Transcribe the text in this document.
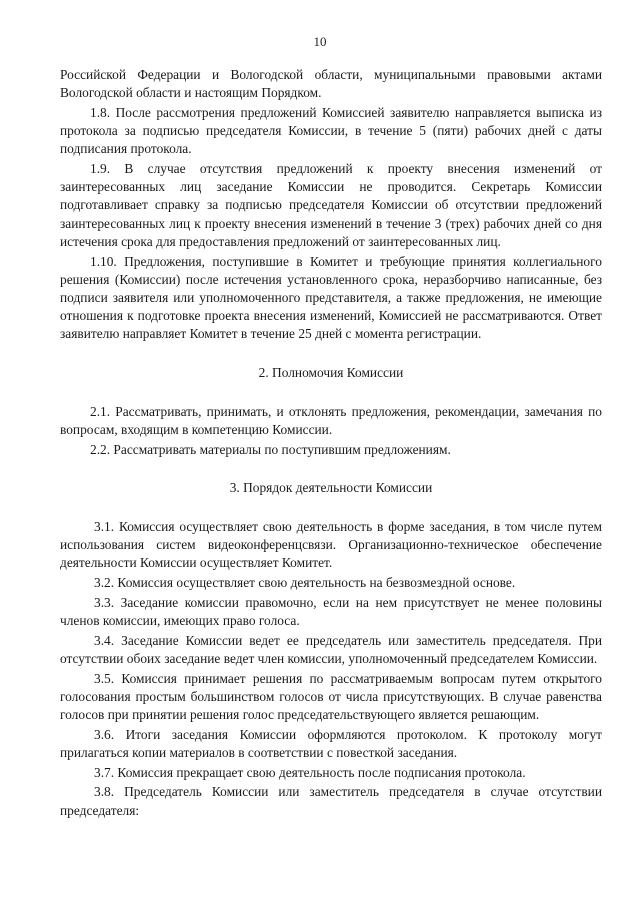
10

Российской Федерации и Вологодской области, муниципальными правовыми актами Вологодской области и настоящим Порядком.

1.8. После рассмотрения предложений Комиссией заявителю направляется выписка из протокола за подписью председателя Комиссии, в течение 5 (пяти) рабочих дней с даты подписания протокола.

1.9. В случае отсутствия предложений к проекту внесения изменений от заинтересованных лиц заседание Комиссии не проводится. Секретарь Комиссии подготавливает справку за подписью председателя Комиссии об отсутствии предложений заинтересованных лиц к проекту внесения изменений в течение 3 (трех) рабочих дней со дня истечения срока для предоставления предложений от заинтересованных лиц.

1.10. Предложения, поступившие в Комитет и требующие принятия коллегиального решения (Комиссии) после истечения установленного срока, неразборчиво написанные, без подписи заявителя или уполномоченного представителя, а также предложения, не имеющие отношения к подготовке проекта внесения изменений, Комиссией не рассматриваются. Ответ заявителю направляет Комитет в течение 25 дней с момента регистрации.

2. Полномочия Комиссии

2.1. Рассматривать, принимать, и отклонять предложения, рекомендации, замечания по вопросам, входящим в компетенцию Комиссии.

2.2. Рассматривать материалы по поступившим предложениям.

3. Порядок деятельности Комиссии

3.1. Комиссия осуществляет свою деятельность в форме заседания, в том числе путем использования систем видеоконференцсвязи. Организационно-техническое обеспечение деятельности Комиссии осуществляет Комитет.

3.2. Комиссия осуществляет свою деятельность на безвозмездной основе.

3.3. Заседание комиссии правомочно, если на нем присутствует не менее половины членов комиссии, имеющих право голоса.

3.4. Заседание Комиссии ведет ее председатель или заместитель председателя. При отсутствии обоих заседание ведет член комиссии, уполномоченный председателем Комиссии.

3.5. Комиссия принимает решения по рассматриваемым вопросам путем открытого голосования простым большинством голосов от числа присутствующих. В случае равенства голосов при принятии решения голос председательствующего является решающим.

3.6. Итоги заседания Комиссии оформляются протоколом. К протоколу могут прилагаться копии материалов в соответствии с повесткой заседания.

3.7. Комиссия прекращает свою деятельность после подписания протокола.

3.8. Председатель Комиссии или заместитель председателя в случае отсутствии председателя:
